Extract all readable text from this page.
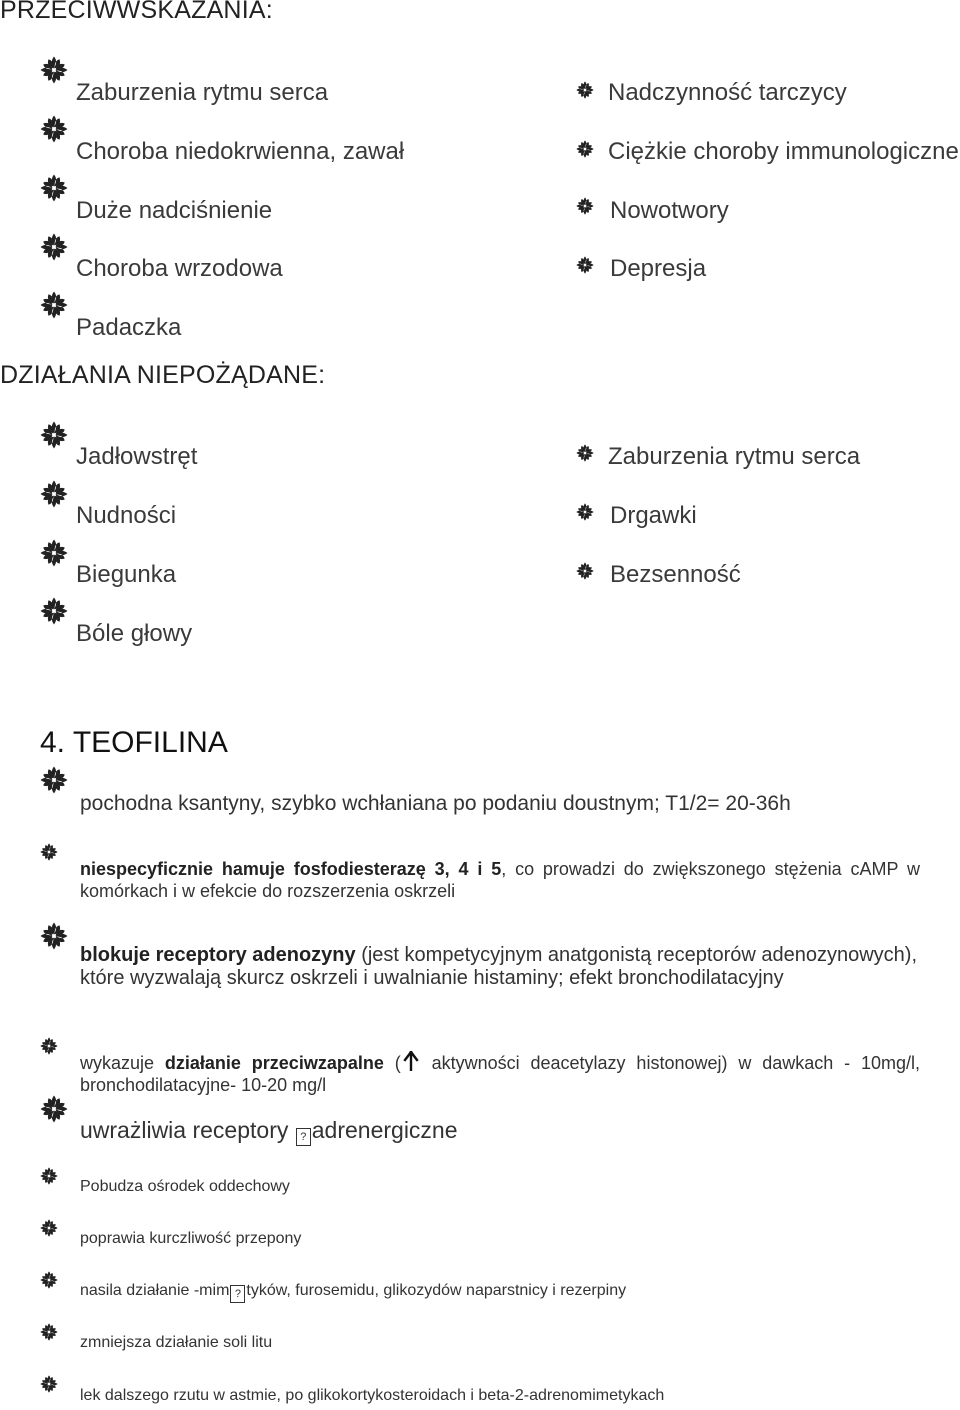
PRZECIWWSKAZANIA:
Zaburzenia rytmu serca
Choroba niedokrwienna, zawał
Duże nadciśnienie
Choroba wrzodowa
Padaczka
Nadczynność tarczycy
Ciężkie choroby immunologiczne
Nowotwory
Depresja
DZIAŁANIA NIEPOŻĄDANE:
Jadłowstręt
Nudności
Biegunka
Bóle głowy
Zaburzenia rytmu serca
Drgawki
Bezsenność
4. TEOFILINA
pochodna ksantyny, szybko wchłaniana po podaniu doustnym; T1/2= 20-36h
niespecyficznie hamuje fosfodiesterazę 3, 4 i 5, co prowadzi do zwiększonego stężenia cAMP w komórkach i w efekcie do rozszerzenia oskrzeli
blokuje receptory adenozyny (jest kompetycyjnym anatgonistą receptorów adenozynowych), które wyzwalają skurcz oskrzeli i uwalnianie histaminy; efekt bronchodilatacyjny
wykazuje działanie przeciwzapalne ( aktywności deacetylazy histonowej) w dawkach - 10mg/l, bronchodilatacyjne- 10-20 mg/l
uwrażliwia receptory ? adrenergiczne
Pobudza ośrodek oddechowy
poprawia kurczliwość przepony
nasila działanie -mim ? tyków, furosemidu, glikozydów naparstnicy i rezerpiny
zmniejsza działanie soli litu
lek dalszego rzutu w astmie, po glikokortykosteroidach i beta-2-adrenomimetykach
